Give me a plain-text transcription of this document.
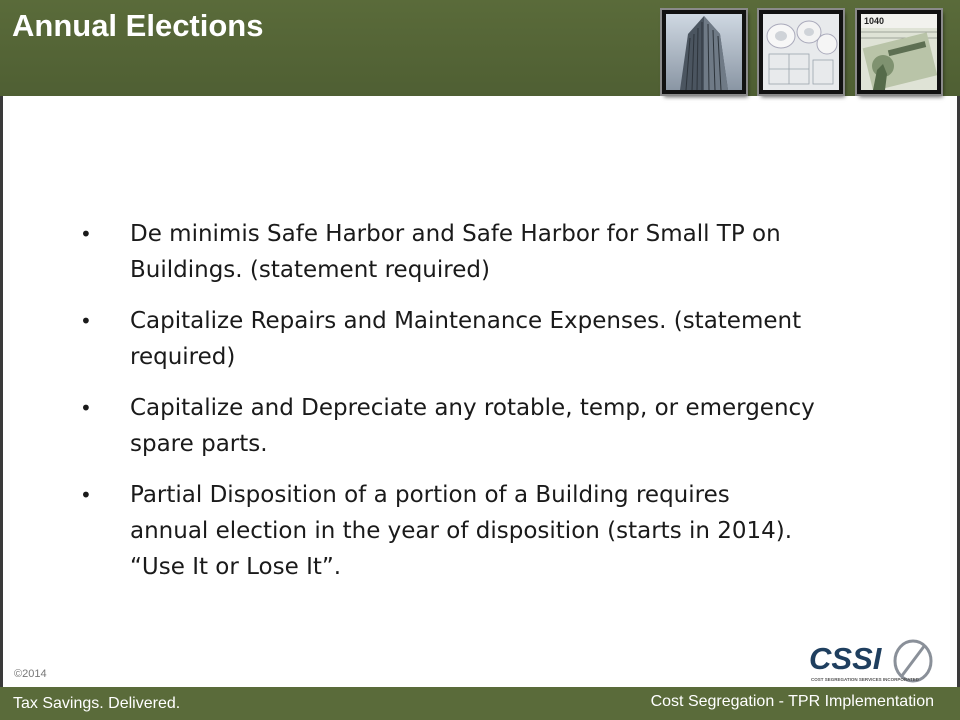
Annual Elections	1040
• De minimis Safe Harbor and Safe Harbor for Small TP on
Buildings. (statement required)
• Capitalize Repairs and Maintenance Expenses. (statement
required)
• Capitalize and Depreciate any rotable, temp, or emergency
spare parts.
• Partial Disposition of a portion of a Building requires
annual election in the year of disposition (starts in 2014).
“Use It or Lose It”.
©2014	CSSI
COST SEGREGATION SERVICES INCORPORATED
Tax Savings. Delivered.	Cost Segregation - TPR Implementation
